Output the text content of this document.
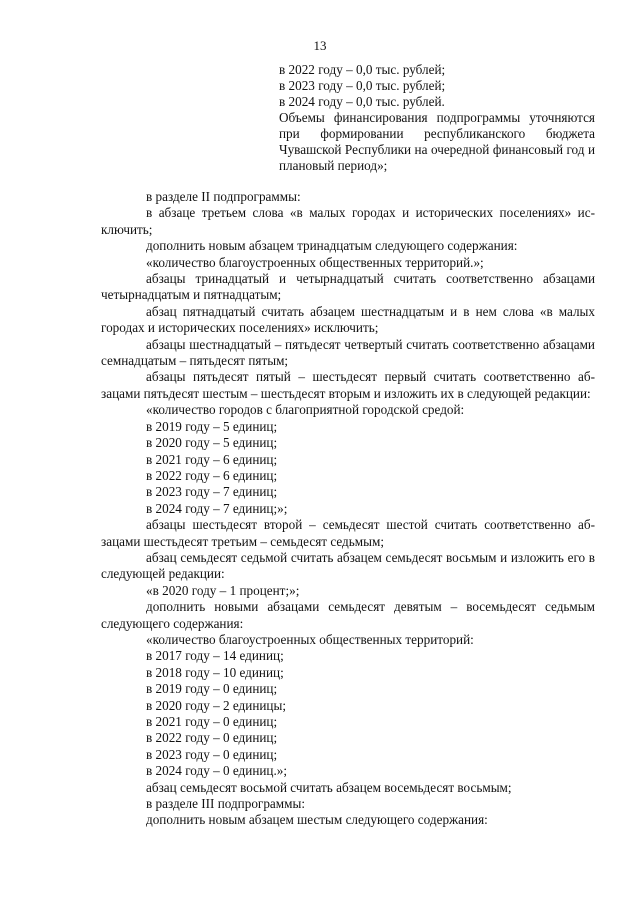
13
в 2022 году – 0,0 тыс. рублей;
в 2023 году – 0,0 тыс. рублей;
в 2024 году – 0,0 тыс. рублей.
Объемы финансирования подпрограммы уточняются при формировании республиканского бюджета Чувашской Республики на очередной финансовый год и плановый период»;

в разделе II подпрограммы:

в абзаце третьем слова «в малых городах и исторических поселениях» исключить;

дополнить новым абзацем тринадцатым следующего содержания:

«количество благоустроенных общественных территорий.»;

абзацы тринадцатый и четырнадцатый считать соответственно абзацами четырнадцатым и пятнадцатым;

абзац пятнадцатый считать абзацем шестнадцатым и в нем слова «в малых городах и исторических поселениях» исключить;

абзацы шестнадцатый – пятьдесят четвертый считать соответственно абзацами семнадцатым – пятьдесят пятым;

абзацы пятьдесят пятый – шестьдесят первый считать соответственно абзацами пятьдесят шестым – шестьдесят вторым и изложить их в следующей редакции:

«количество городов с благоприятной городской средой:

в 2019 году – 5 единиц;

в 2020 году – 5 единиц;

в 2021 году – 6 единиц;

в 2022 году – 6 единиц;

в 2023 году – 7 единиц;

в 2024 году – 7 единиц;»;

абзацы шестьдесят второй – семьдесят шестой считать соответственно абзацами шестьдесят третьим – семьдесят седьмым;

абзац семьдесят седьмой считать абзацем семьдесят восьмым и изложить его в следующей редакции:

«в 2020 году – 1 процент;»;

дополнить новыми абзацами семьдесят девятым – восемьдесят седьмым следующего содержания:

«количество благоустроенных общественных территорий:

в 2017 году – 14 единиц;

в 2018 году – 10 единиц;

в 2019 году – 0 единиц;

в 2020 году – 2 единицы;

в 2021 году – 0 единиц;

в 2022 году – 0 единиц;

в 2023 году – 0 единиц;

в 2024 году – 0 единиц.»;

абзац семьдесят восьмой считать абзацем восемьдесят восьмым;

в разделе III подпрограммы:

дополнить новым абзацем шестым следующего содержания:
